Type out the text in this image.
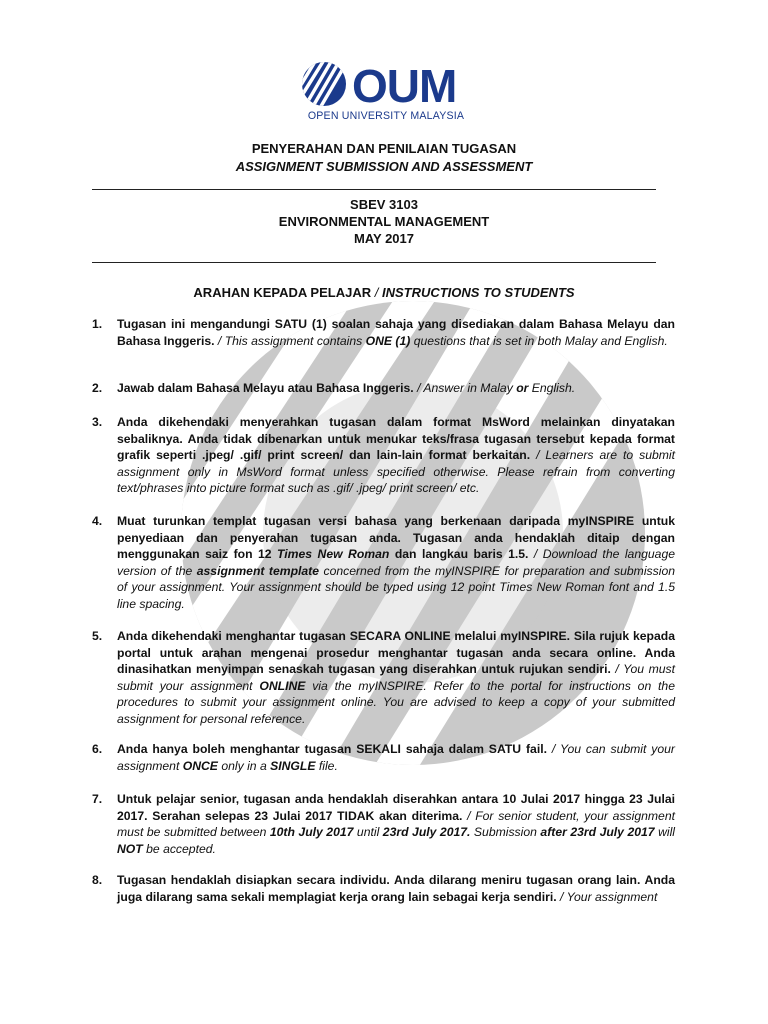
OUM
OPEN UNIVERSITY MALAYSIA
PENYERAHAN DAN PENILAIAN TUGASAN
ASSIGNMENT SUBMISSION AND ASSESSMENT
SBEV 3103
ENVIRONMENTAL MANAGEMENT
MAY 2017
ARAHAN KEPADA PELAJAR / INSTRUCTIONS TO STUDENTS
1. Tugasan ini mengandungi SATU (1) soalan sahaja yang disediakan dalam Bahasa Melayu dan Bahasa Inggeris. / This assignment contains ONE (1) questions that is set in both Malay and English.
2. Jawab dalam Bahasa Melayu atau Bahasa Inggeris. / Answer in Malay or English.
3. Anda dikehendaki menyerahkan tugasan dalam format MsWord melainkan dinyatakan sebaliknya. Anda tidak dibenarkan untuk menukar teks/frasa tugasan tersebut kepada format grafik seperti .jpeg/ .gif/ print screen/ dan lain-lain format berkaitan. / Learners are to submit assignment only in MsWord format unless specified otherwise. Please refrain from converting text/phrases into picture format such as .gif/ .jpeg/ print screen/ etc.
4. Muat turunkan templat tugasan versi bahasa yang berkenaan daripada myINSPIRE untuk penyediaan dan penyerahan tugasan anda. Tugasan anda hendaklah ditaip dengan menggunakan saiz fon 12 Times New Roman dan langkau baris 1.5. / Download the language version of the assignment template concerned from the myINSPIRE for preparation and submission of your assignment. Your assignment should be typed using 12 point Times New Roman font and 1.5 line spacing.
5. Anda dikehendaki menghantar tugasan SECARA ONLINE melalui myINSPIRE. Sila rujuk kepada portal untuk arahan mengenai prosedur menghantar tugasan anda secara online. Anda dinasihatkan menyimpan senaskah tugasan yang diserahkan untuk rujukan sendiri. / You must submit your assignment ONLINE via the myINSPIRE. Refer to the portal for instructions on the procedures to submit your assignment online. You are advised to keep a copy of your submitted assignment for personal reference.
6. Anda hanya boleh menghantar tugasan SEKALI sahaja dalam SATU fail. / You can submit your assignment ONCE only in a SINGLE file.
7. Untuk pelajar senior, tugasan anda hendaklah diserahkan antara 10 Julai 2017 hingga 23 Julai 2017. Serahan selepas 23 Julai 2017 TIDAK akan diterima. / For senior student, your assignment must be submitted between 10th July 2017 until 23rd July 2017. Submission after 23rd July 2017 will NOT be accepted.
8. Tugasan hendaklah disiapkan secara individu. Anda dilarang meniru tugasan orang lain. Anda juga dilarang sama sekali memplagiat kerja orang lain sebagai kerja sendiri. / Your assignment
